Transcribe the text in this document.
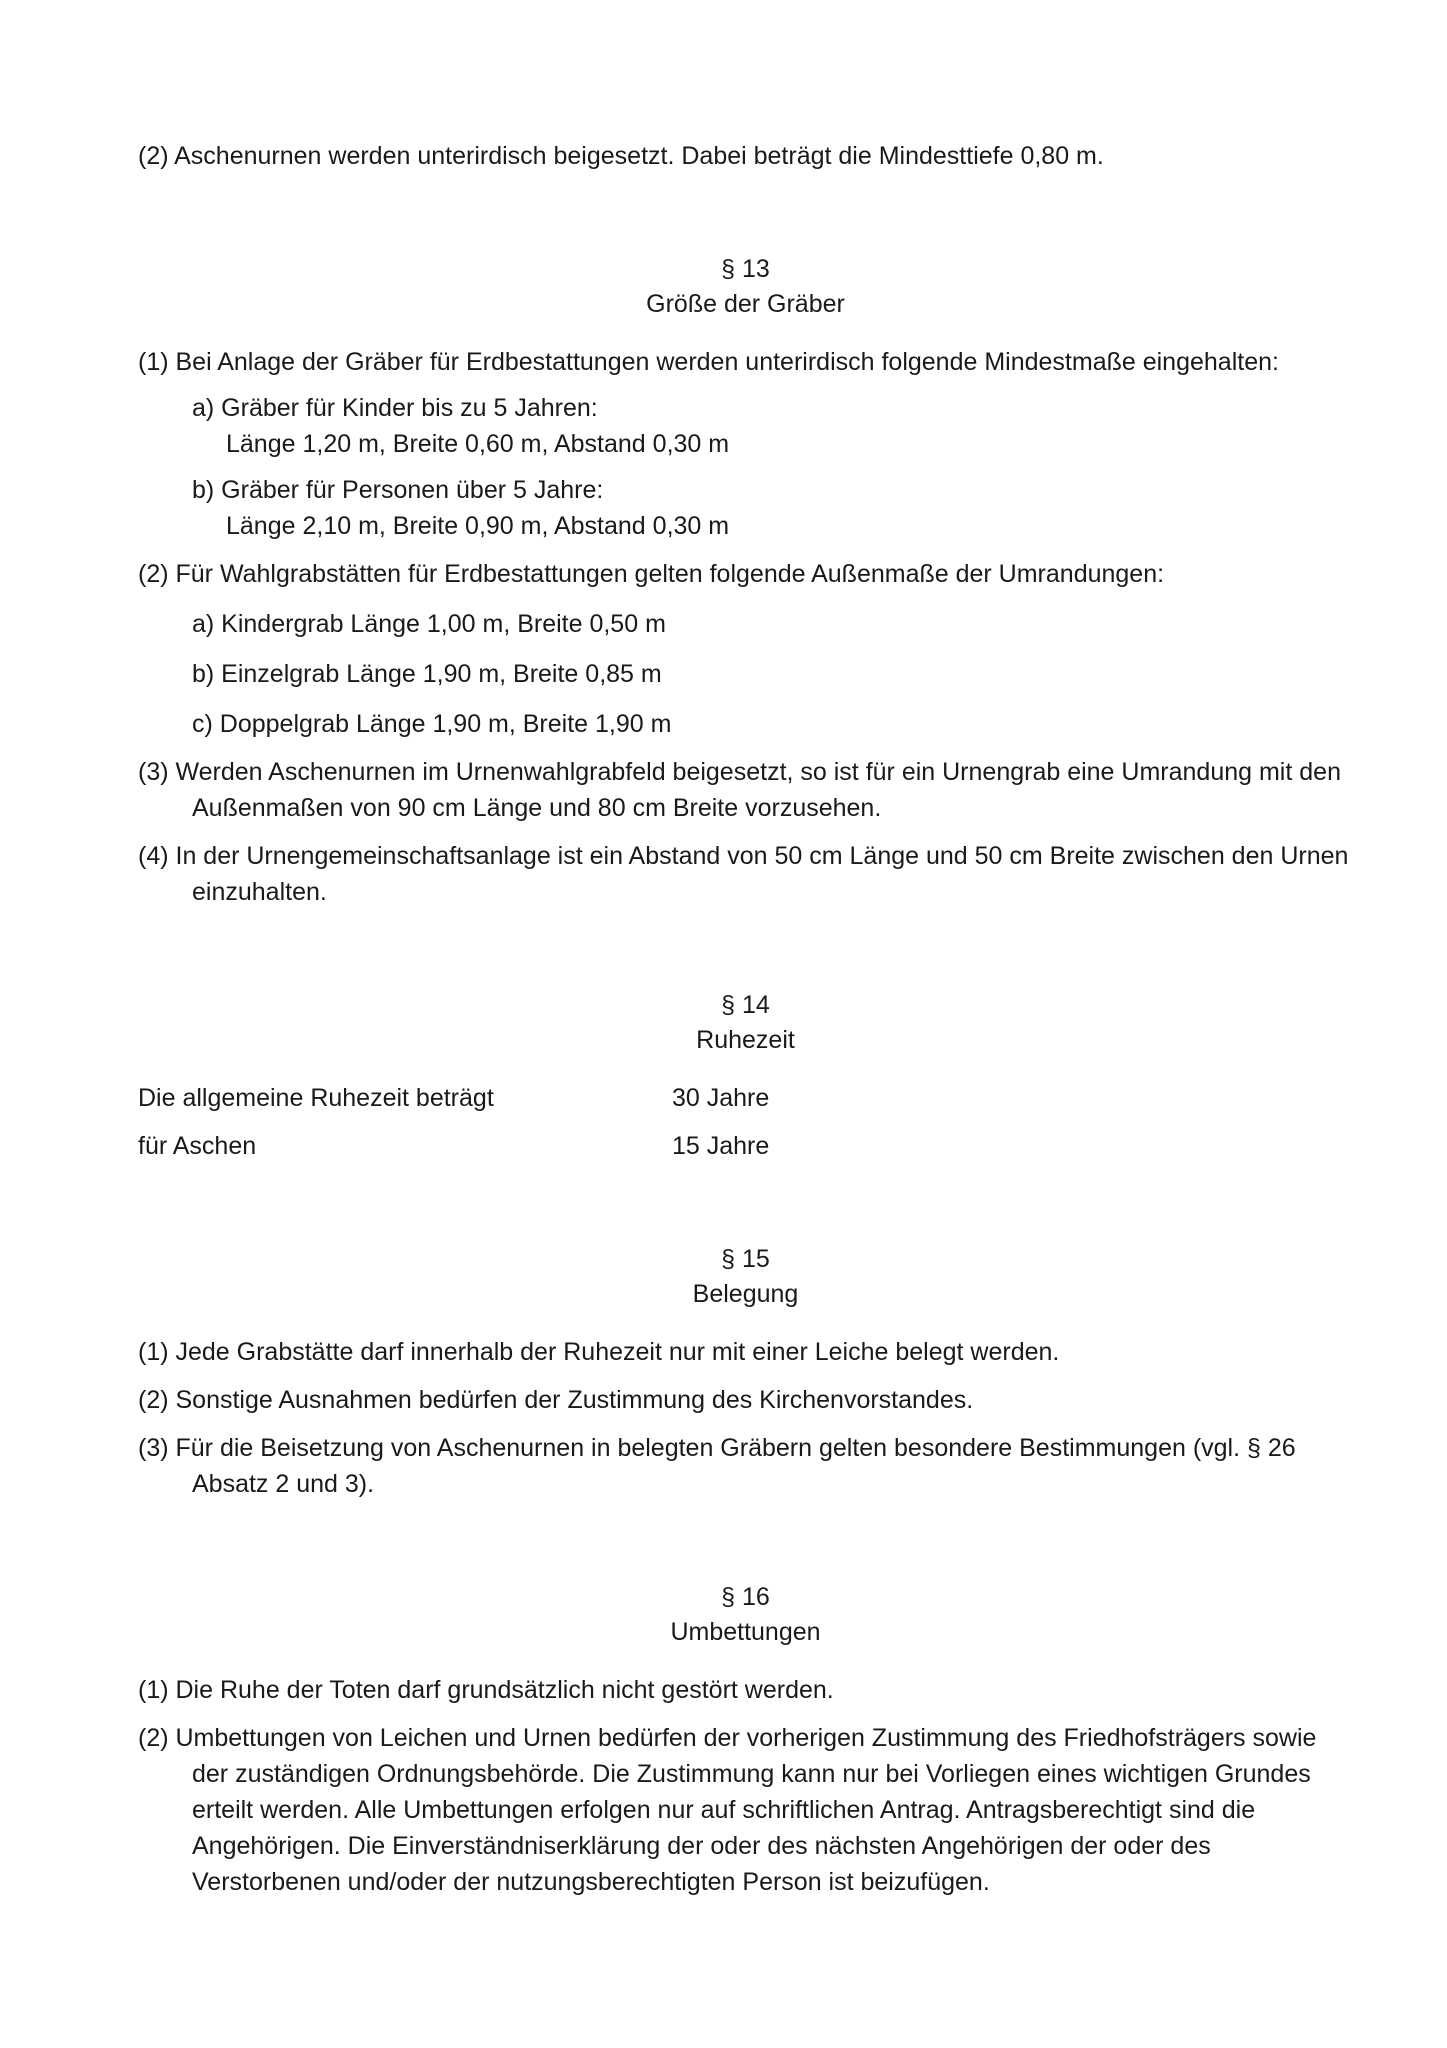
(2) Aschenurnen werden unterirdisch beigesetzt. Dabei beträgt die Mindesttiefe 0,80 m.

§ 13
Größe der Gräber

(1) Bei Anlage der Gräber für Erdbestattungen werden unterirdisch folgende Mindestmaße eingehalten:

a) Gräber für Kinder bis zu 5 Jahren:
Länge 1,20 m, Breite 0,60 m, Abstand 0,30 m

b) Gräber für Personen über 5 Jahre:
Länge 2,10 m, Breite 0,90 m, Abstand 0,30 m

(2) Für Wahlgrabstätten für Erdbestattungen gelten folgende Außenmaße der Umrandungen:

a) Kindergrab Länge 1,00 m, Breite 0,50 m

b) Einzelgrab Länge 1,90 m, Breite 0,85 m

c) Doppelgrab Länge 1,90 m, Breite 1,90 m

(3) Werden Aschenurnen im Urnenwahlgrabfeld beigesetzt, so ist für ein Urnengrab eine Umrandung mit den Außenmaßen von 90 cm Länge und 80 cm Breite vorzusehen.

(4) In der Urnengemeinschaftsanlage ist ein Abstand von 50 cm Länge und 50 cm Breite zwischen den Urnen einzuhalten.

§ 14
Ruhezeit
Die allgemeine Ruhezeit beträgt	30 Jahre
für Aschen	15 Jahre
§ 15
Belegung

(1) Jede Grabstätte darf innerhalb der Ruhezeit nur mit einer Leiche belegt werden.

(2) Sonstige Ausnahmen bedürfen der Zustimmung des Kirchenvorstandes.

(3) Für die Beisetzung von Aschenurnen in belegten Gräbern gelten besondere Bestimmungen (vgl. § 26 Absatz 2 und 3).

§ 16
Umbettungen

(1) Die Ruhe der Toten darf grundsätzlich nicht gestört werden.

(2) Umbettungen von Leichen und Urnen bedürfen der vorherigen Zustimmung des Friedhofsträgers sowie der zuständigen Ordnungsbehörde. Die Zustimmung kann nur bei Vorliegen eines wichtigen Grundes erteilt werden. Alle Umbettungen erfolgen nur auf schriftlichen Antrag. Antragsberechtigt sind die Angehörigen. Die Einverständniserklärung der oder des nächsten Angehörigen der oder des Verstorbenen und/oder der nutzungsberechtigten Person ist beizufügen.
